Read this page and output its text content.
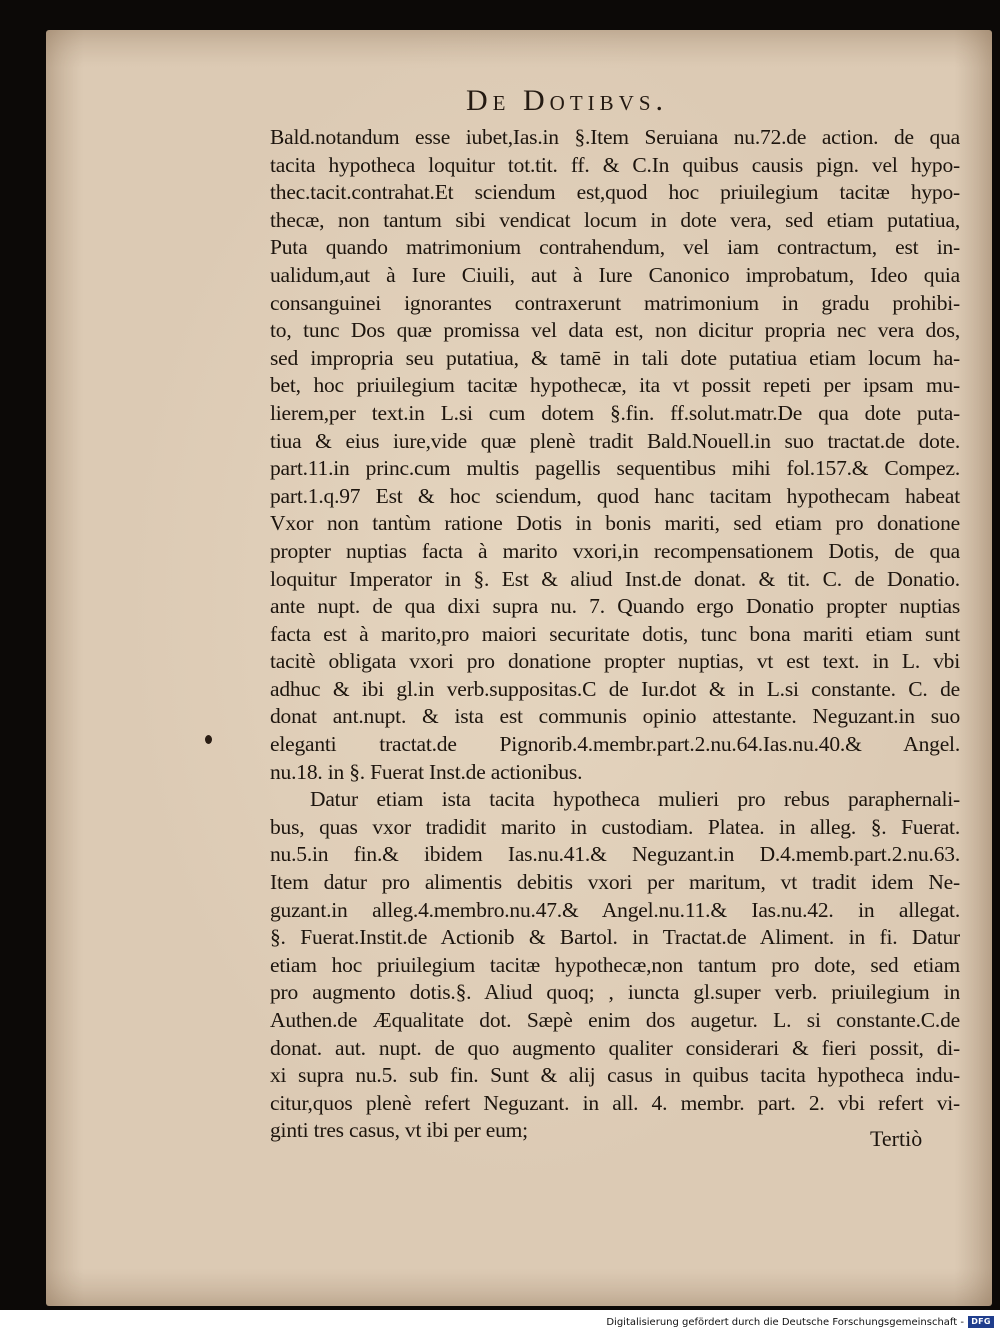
De Dotibvs.
Bald.notandum esse iubet,Ias.in §.Item Seruiana nu.72.de action. de qua
tacita hypotheca loquitur tot.tit. ff. & C.In quibus causis pign. vel hypo-
thec.tacit.contrahat.Et sciendum est,quod hoc priuilegium tacitæ hypo-
thecæ, non tantum sibi vendicat locum in dote vera, sed etiam putatiua,
Puta quando matrimonium contrahendum, vel iam contractum, est in-
ualidum,aut à Iure Ciuili, aut à Iure Canonico improbatum, Ideo quia
consanguinei ignorantes contraxerunt matrimonium in gradu prohibi-
to, tunc Dos quæ promissa vel data est, non dicitur propria nec vera dos,
sed impropria seu putatiua, & tamē in tali dote putatiua etiam locum ha-
bet, hoc priuilegium tacitæ hypothecæ, ita vt possit repeti per ipsam mu-
lierem,per text.in L.si cum dotem §.fin. ff.solut.matr.De qua dote puta-
tiua & eius iure,vide quæ plenè tradit Bald.Nouell.in suo tractat.de dote.
part.11.in princ.cum multis pagellis sequentibus mihi fol.157.& Compez.
part.1.q.97 Est & hoc sciendum, quod hanc tacitam hypothecam habeat
Vxor non tantùm ratione Dotis in bonis mariti, sed etiam pro donatione
propter nuptias facta à marito vxori,in recompensationem Dotis, de qua
loquitur Imperator in §. Est & aliud Inst.de donat. & tit. C. de Donatio.
ante nupt. de qua dixi supra nu. 7. Quando ergo Donatio propter nuptias
facta est à marito,pro maiori securitate dotis, tunc bona mariti etiam sunt
tacitè obligata vxori pro donatione propter nuptias, vt est text. in L. vbi
adhuc & ibi gl.in verb.suppositas.C de Iur.dot & in L.si constante. C. de
donat ant.nupt. & ista est communis opinio attestante. Neguzant.in suo
eleganti tractat.de Pignorib.4.membr.part.2.nu.64.Ias.nu.40.& Angel.
nu.18. in §. Fuerat Inst.de actionibus.
Datur etiam ista tacita hypotheca mulieri pro rebus paraphernali-
bus, quas vxor tradidit marito in custodiam. Platea. in alleg. §. Fuerat.
nu.5.in fin.& ibidem Ias.nu.41.& Neguzant.in D.4.memb.part.2.nu.63.
Item datur pro alimentis debitis vxori per maritum, vt tradit idem Ne-
guzant.in alleg.4.membro.nu.47.& Angel.nu.11.& Ias.nu.42. in allegat.
§. Fuerat.Instit.de Actionib & Bartol. in Tractat.de Aliment. in fi. Datur
etiam hoc priuilegium tacitæ hypothecæ,non tantum pro dote, sed etiam
pro augmento dotis.§. Aliud quoq; , iuncta gl.super verb. priuilegium in
Authen.de Æqualitate dot. Sæpè enim dos augetur. L. si constante.C.de
donat. aut. nupt. de quo augmento qualiter considerari & fieri possit, di-
xi supra nu.5. sub fin. Sunt & alij casus in quibus tacita hypotheca indu-
citur,quos plenè refert Neguzant. in all. 4. membr. part. 2. vbi refert vi-
ginti tres casus, vt ibi per eum;	Tertiò
Digitalisierung gefördert durch die Deutsche Forschungsgemeinschaft - DFG
